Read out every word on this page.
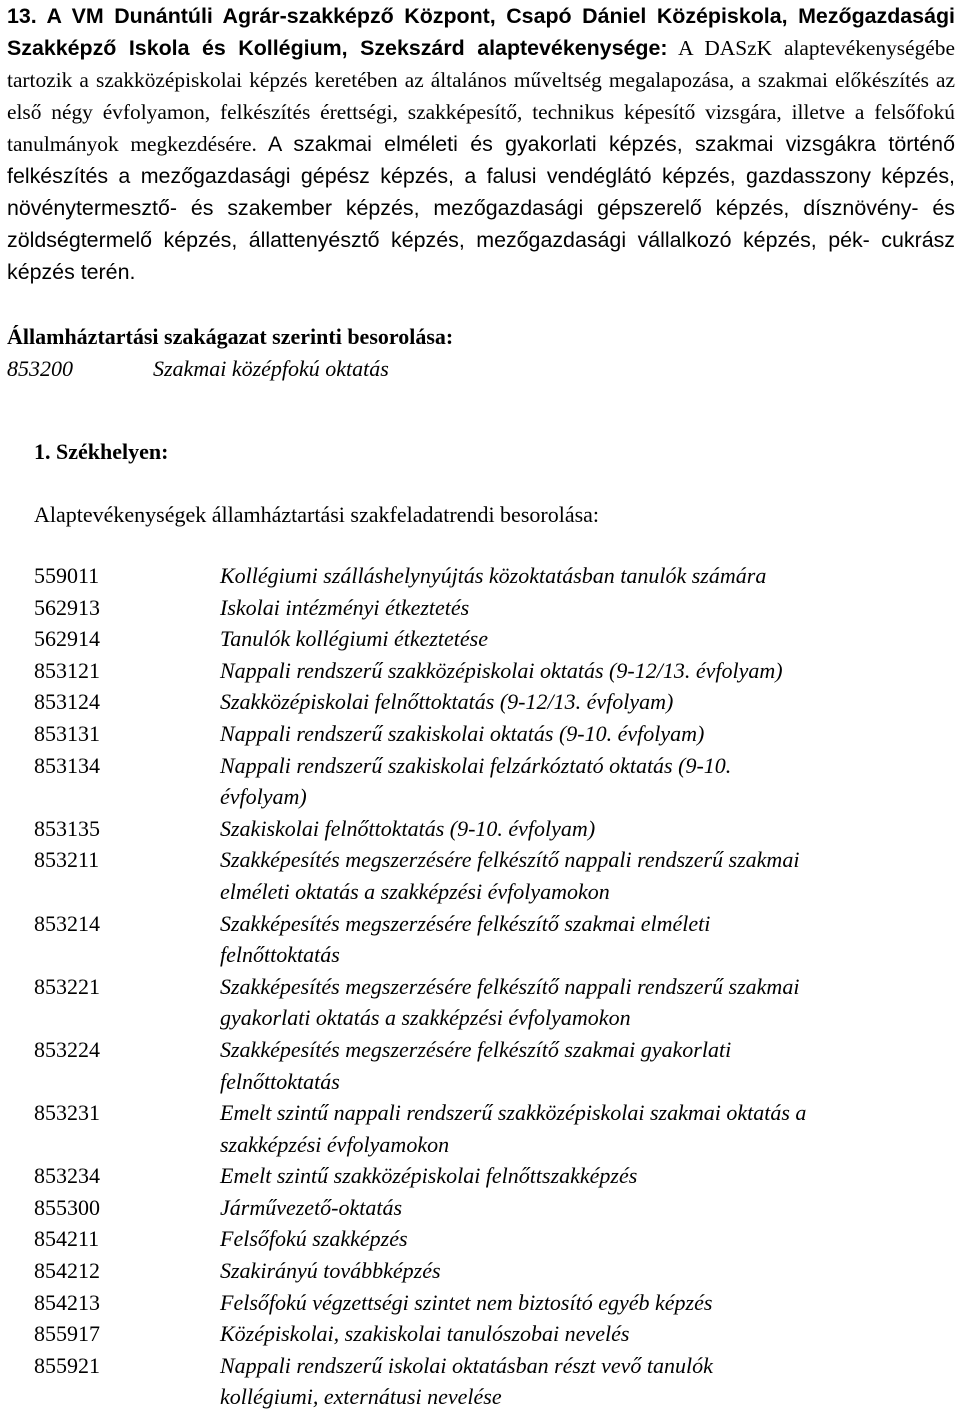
13. A VM Dunántúli Agrár-szakképző Központ, Csapó Dániel Középiskola, Mezőgazdasági Szakképző Iskola és Kollégium, Szekszárd alaptevékenysége: A DASzK alaptevékenységébe tartozik a szakközépiskolai képzés keretében az általános műveltség megalapozása, a szakmai előkészítés az első négy évfolyamon, felkészítés érettségi, szakképesítő, technikus képesítő vizsgára, illetve a felsőfokú tanulmányok megkezdésére. A szakmai elméleti és gyakorlati képzés, szakmai vizsgákra történő felkészítés a mezőgazdasági gépész képzés, a falusi vendéglátó képzés, gazdasszony képzés, növénytermesztő- és szakember képzés, mezőgazdasági gépszerelő képzés, dísznövény- és zöldségtermelő képzés, állattenyésztő képzés, mezőgazdasági vállalkozó képzés, pék- cukrász képzés terén.

Államháztartási szakágazat szerinti besorolása:

853200	Szakmai középfokú oktatás

1. Székhelyen:

Alaptevékenységek államháztartási szakfeladatrendi besorolása:

559011	Kollégiumi szálláshelynyújtás közoktatásban tanulók számára
562913	Iskolai intézményi étkeztetés
562914	Tanulók kollégiumi étkeztetése
853121	Nappali rendszerű szakközépiskolai oktatás (9-12/13. évfolyam)
853124	Szakközépiskolai felnőttoktatás (9-12/13. évfolyam)
853131	Nappali rendszerű szakiskolai oktatás (9-10. évfolyam)
853134	Nappali rendszerű szakiskolai felzárkóztató oktatás (9-10.
évfolyam)
853135	Szakiskolai felnőttoktatás (9-10. évfolyam)
853211	Szakképesítés megszerzésére felkészítő nappali rendszerű szakmai
elméleti oktatás a szakképzési évfolyamokon
853214	Szakképesítés megszerzésére felkészítő szakmai elméleti
felnőttoktatás
853221	Szakképesítés megszerzésére felkészítő nappali rendszerű szakmai
gyakorlati oktatás a szakképzési évfolyamokon
853224	Szakképesítés megszerzésére felkészítő szakmai gyakorlati
felnőttoktatás
853231	Emelt szintű nappali rendszerű szakközépiskolai szakmai oktatás a
szakképzési évfolyamokon
853234	Emelt szintű szakközépiskolai felnőttszakképzés
855300	Járművezető-oktatás
854211	Felsőfokú szakképzés
854212	Szakirányú továbbképzés
854213	Felsőfokú végzettségi szintet nem biztosító egyéb képzés
855917	Középiskolai, szakiskolai tanulószobai nevelés
855921	Nappali rendszerű iskolai oktatásban részt vevő tanulók
kollégiumi, externátusi nevelése
